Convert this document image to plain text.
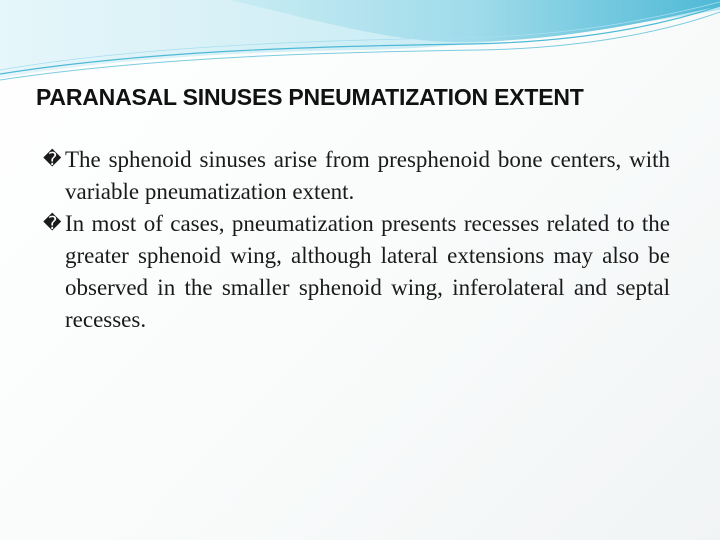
PARANASAL SINUSES PNEUMATIZATION EXTENT
� The sphenoid sinuses arise from presphenoid bone centers, with variable pneumatization extent.
� In most of cases, pneumatization presents recesses related to the greater sphenoid wing, although lateral extensions may also be observed in the smaller sphenoid wing, inferolateral and septal recesses.
